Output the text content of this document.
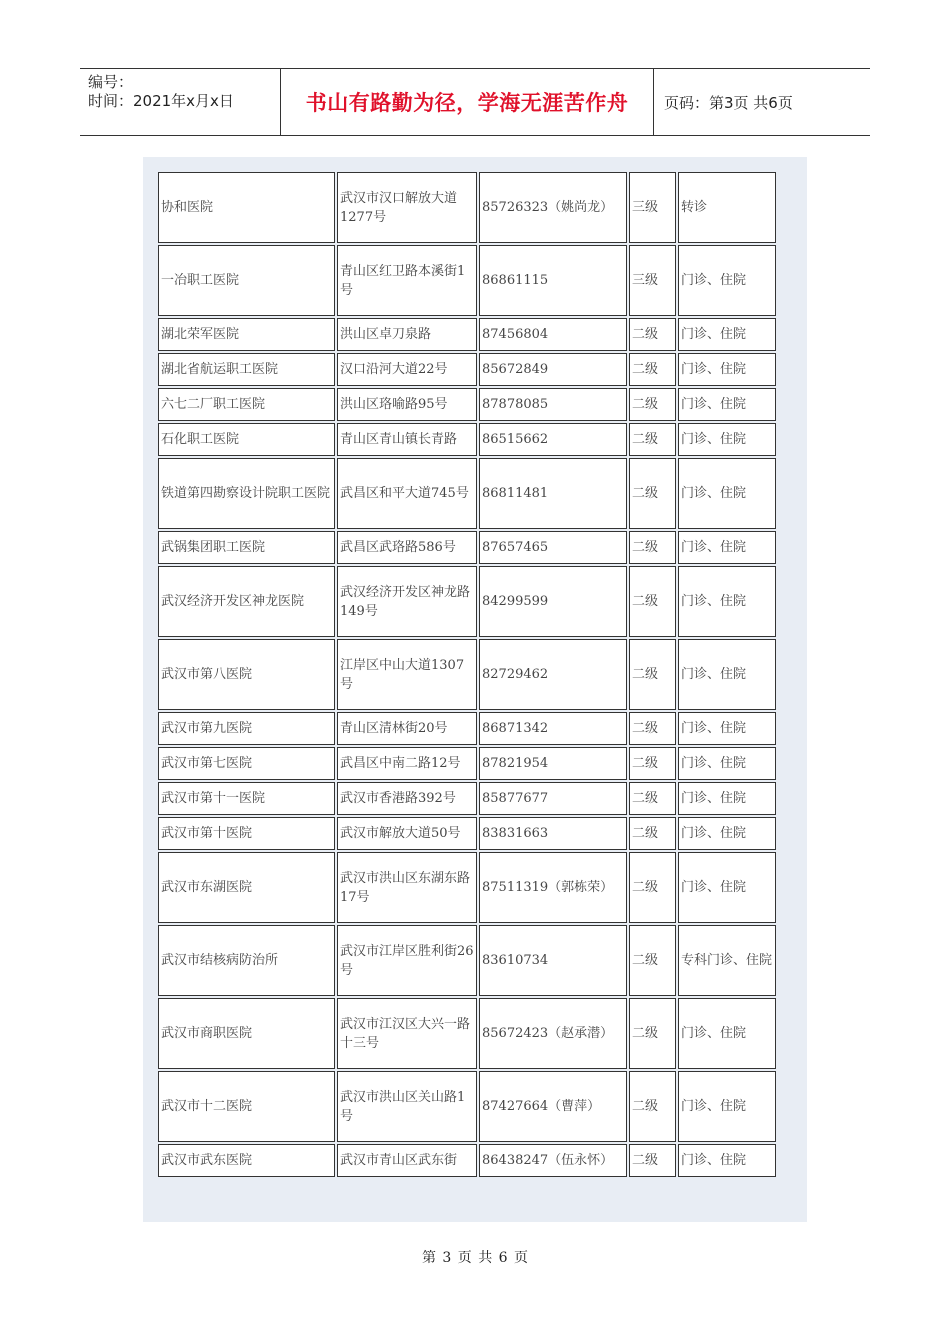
编号：
时间：2021年x月x日	书山有路勤为径，学海无涯苦作舟	页码：第3页 共6页
协和医院	武汉市汉口解放大道1277号	85726323（姚尚龙）	三级	转诊
一冶职工医院	青山区红卫路本溪街1号	86861115	三级	门诊、住院
湖北荣军医院	洪山区卓刀泉路	87456804	二级	门诊、住院
湖北省航运职工医院	汉口沿河大道22号	85672849	二级	门诊、住院
六七二厂职工医院	洪山区珞喻路95号	87878085	二级	门诊、住院
石化职工医院	青山区青山镇长青路	86515662	二级	门诊、住院
铁道第四勘察设计院职工医院	武昌区和平大道745号	86811481	二级	门诊、住院
武锅集团职工医院	武昌区武珞路586号	87657465	二级	门诊、住院
武汉经济开发区神龙医院	武汉经济开发区神龙路149号	84299599	二级	门诊、住院
武汉市第八医院	江岸区中山大道1307号	82729462	二级	门诊、住院
武汉市第九医院	青山区清林街20号	86871342	二级	门诊、住院
武汉市第七医院	武昌区中南二路12号	87821954	二级	门诊、住院
武汉市第十一医院	武汉市香港路392号	85877677	二级	门诊、住院
武汉市第十医院	武汉市解放大道50号	83831663	二级	门诊、住院
武汉市东湖医院	武汉市洪山区东湖东路17号	87511319（郭栋荣）	二级	门诊、住院
武汉市结核病防治所	武汉市江岸区胜利街26号	83610734	二级	专科门诊、住院
武汉市商职医院	武汉市江汉区大兴一路十三号	85672423（赵承潜）	二级	门诊、住院
武汉市十二医院	武汉市洪山区关山路1号	87427664（曹萍）	二级	门诊、住院
武汉市武东医院	武汉市青山区武东街	86438247（伍永怀）	二级	门诊、住院
第 3 页 共 6 页
